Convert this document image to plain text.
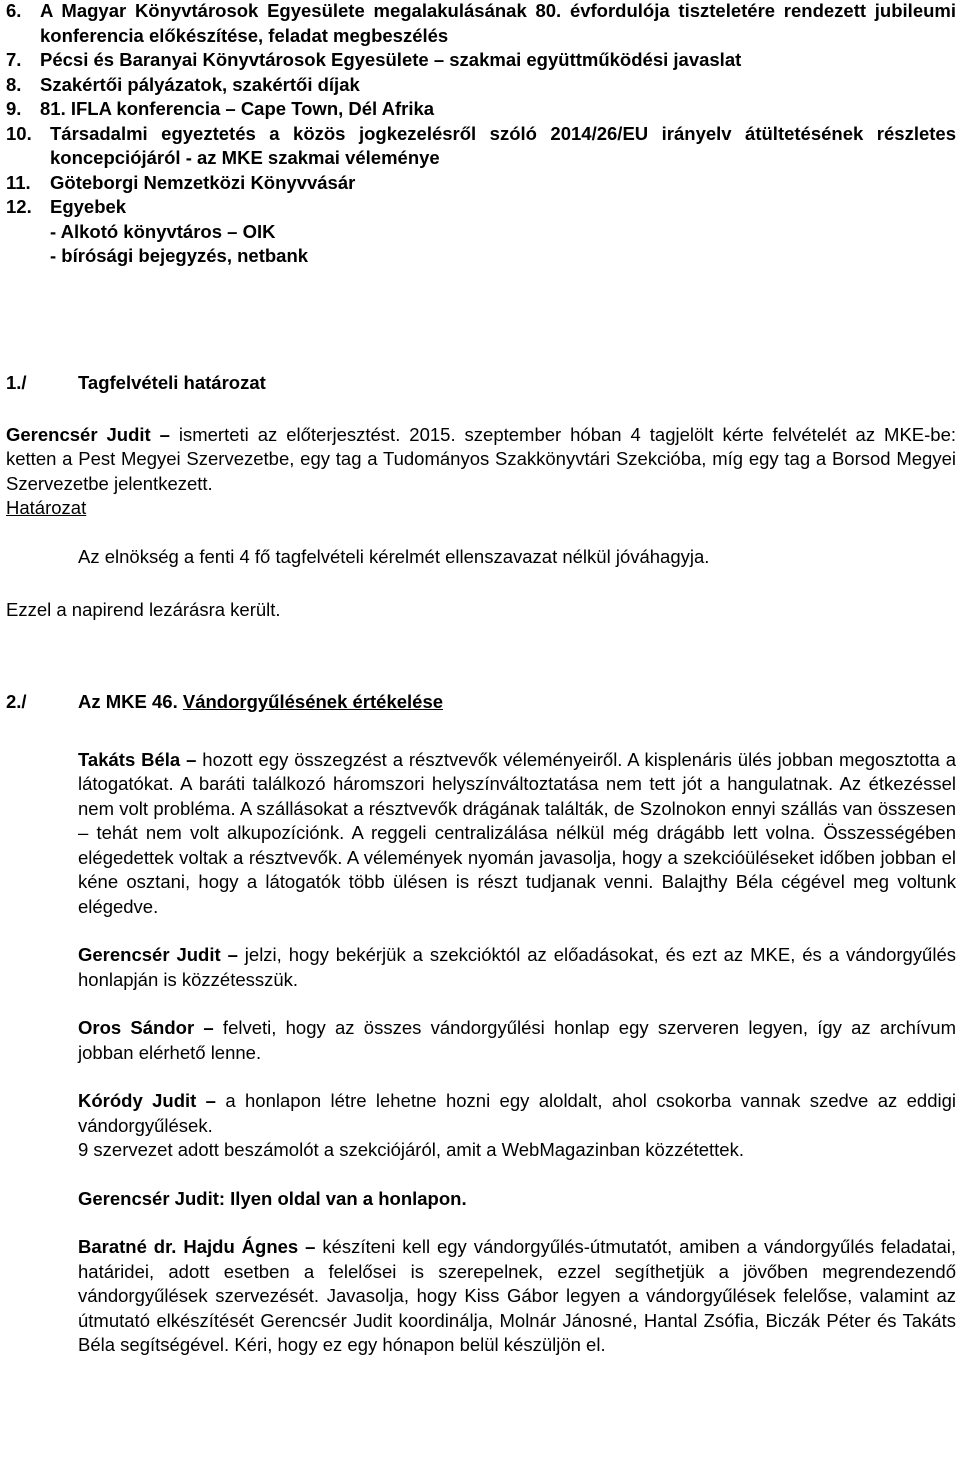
6.	A Magyar Könyvtárosok Egyesülete megalakulásának 80. évfordulója tiszteletére rendezett jubileumi konferencia előkészítése, feladat megbeszélés
7.	Pécsi és Baranyai Könyvtárosok Egyesülete – szakmai együttműködési javaslat
8.	Szakértői pályázatok, szakértői díjak
9.	81. IFLA konferencia – Cape Town, Dél Afrika
10. Társadalmi egyeztetés a közös jogkezelésről szóló 2014/26/EU irányelv átültetésének részletes koncepciójáról - az MKE szakmai véleménye
11.	Göteborgi Nemzetközi Könyvvásár
12. Egyebek
- Alkotó könyvtáros – OIK
- bírósági bejegyzés, netbank
1./	Tagfelvételi határozat

Gerencsér Judit – ismerteti az előterjesztést. 2015. szeptember hóban 4 tagjelölt kérte felvételét az MKE-be: ketten a Pest Megyei Szervezetbe, egy tag a Tudományos Szakkönyvtári Szekcióba, míg egy tag a Borsod Megyei Szervezetbe jelentkezett.

Határozat
Az elnökség a fenti 4 fő tagfelvételi kérelmét ellenszavazat nélkül jóváhagyja.
Ezzel a napirend lezárásra került.
2./	Az MKE 46. Vándorgyűlésének értékelése

Takáts Béla – hozott egy összegzést a résztvevők véleményeiről. A kisplenáris ülés jobban megosztotta a látogatókat. A baráti találkozó háromszori helyszínváltoztatása nem tett jót a hangulatnak. Az étkezéssel nem volt probléma. A szállásokat a résztvevők drágának találták, de Szolnokon ennyi szállás van összesen – tehát nem volt alkupozíciónk. A reggeli centralizálása nélkül még drágább lett volna. Összességében elégedettek voltak a résztvevők. A vélemények nyomán javasolja, hogy a szekcióüléseket időben jobban el kéne osztani, hogy a látogatók több ülésen is részt tudjanak venni. Balajthy Béla cégével meg voltunk elégedve.

Gerencsér Judit – jelzi, hogy bekérjük a szekcióktól az előadásokat, és ezt az MKE, és a vándorgyűlés honlapján is közzétesszük.

Oros Sándor – felveti, hogy az összes vándorgyűlési honlap egy szerveren legyen, így az archívum jobban elérhető lenne.

Kóródy Judit – a honlapon létre lehetne hozni egy aloldalt, ahol csokorba vannak szedve az eddigi vándorgyűlések.

9 szervezet adott beszámolót a szekciójáról, amit a WebMagazinban közzétettek.

Gerencsér Judit: Ilyen oldal van a honlapon.

Baratné dr. Hajdu Ágnes – készíteni kell egy vándorgyűlés-útmutatót, amiben a vándorgyűlés feladatai, határidei, adott esetben a felelősei is szerepelnek, ezzel segíthetjük a jövőben megrendezendő vándorgyűlések szervezését. Javasolja, hogy Kiss Gábor legyen a vándorgyűlések felelőse, valamint az útmutató elkészítését Gerencsér Judit koordinálja, Molnár Jánosné, Hantal Zsófia, Biczák Péter és Takáts Béla segítségével. Kéri, hogy ez egy hónapon belül készüljön el.
